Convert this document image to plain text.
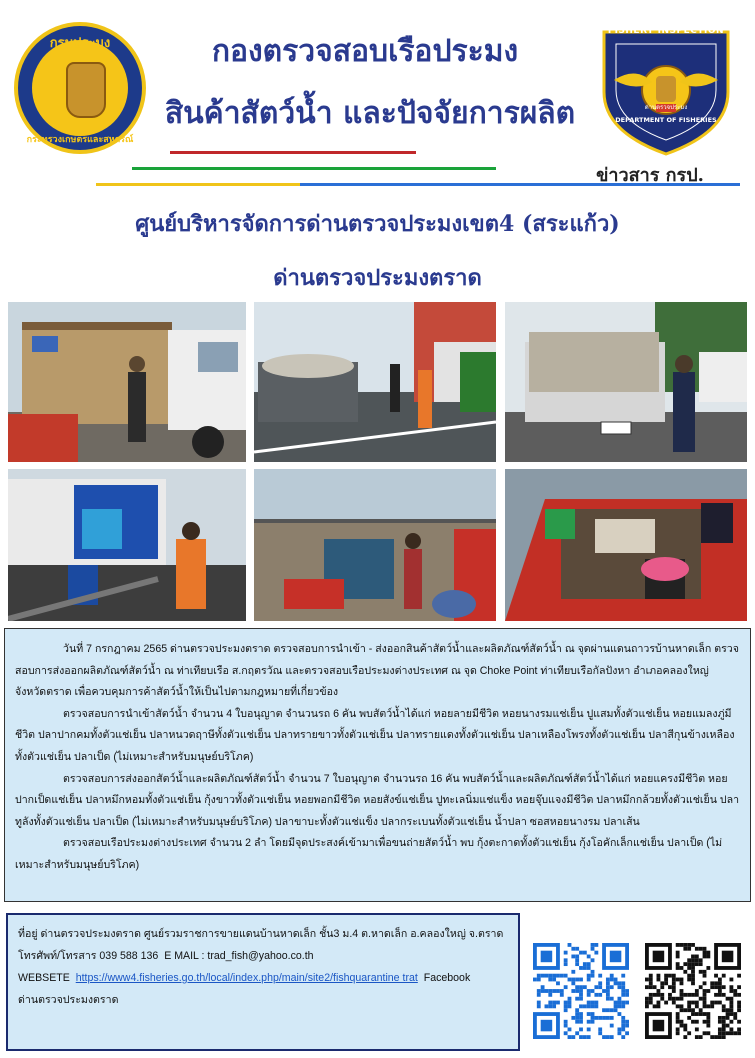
กรมประมง
กระทรวงเกษตรและสหกรณ์
กองตรวจสอบเรือประมง
สินค้าสัตว์น้ำ และปัจจัยการผลิต
FISHERY INSPECTION
ด่านตรวจประมง
DEPARTMENT OF FISHERIES
ข่าวสาร กรป.
ศูนย์บริหารจัดการด่านตรวจประมงเขต4 (สระแก้ว)
ด่านตรวจประมงตราด

วันที่ 7 กรกฎาคม 2565 ด่านตรวจประมงตราด ตรวจสอบการนำเข้า - ส่งออกสินค้าสัตว์น้ำและผลิตภัณฑ์สัตว์น้ำ ณ จุดผ่านแดนถาวรบ้านหาดเล็ก ตรวจสอบการส่งออกผลิตภัณฑ์สัตว์น้ำ ณ ท่าเทียบเรือ ส.กฤตรวัณ และตรวจสอบเรือประมงต่างประเทศ ณ จุด Choke Point ท่าเทียบเรือกัลปังหา อำเภอคลองใหญ่ จังหวัดตราด เพื่อควบคุมการค้าสัตว์น้ำให้เป็นไปตามกฎหมายที่เกี่ยวข้อง

ตรวจสอบการนำเข้าสัตว์น้ำ จำนวน 4 ใบอนุญาต จำนวนรถ 6 คัน พบสัตว์น้ำได้แก่ หอยลายมีชีวิต หอยนางรมแช่เย็น ปูแสมทั้งตัวแช่เย็น หอยแมลงภู่มีชีวิต ปลาปากคมทั้งตัวแช่เย็น ปลาหนวดฤาษีทั้งตัวแช่เย็น ปลาทรายขาวทั้งตัวแช่เย็น ปลาทรายแดงทั้งตัวแช่เย็น ปลาเหลืองโพรงทั้งตัวแช่เย็น ปลาสีกุนข้างเหลืองทั้งตัวแช่เย็น ปลาเป็ด (ไม่เหมาะสำหรับมนุษย์บริโภค)

ตรวจสอบการส่งออกสัตว์น้ำและผลิตภัณฑ์สัตว์น้ำ จำนวน 7 ใบอนุญาต จำนวนรถ 16 คัน พบสัตว์น้ำและผลิตภัณฑ์สัตว์น้ำได้แก่ หอยแครงมีชีวิต หอยปากเป็ดแช่เย็น ปลาหมึกหอมทั้งตัวแช่เย็น กุ้งขาวทั้งตัวแช่เย็น หอยพอกมีชีวิต หอยสังข์แช่เย็น ปูทะเลนิ่มแช่แข็ง หอยจุ๊บแจงมีชีวิต ปลาหมึกกล้วยทั้งตัวแช่เย็น ปลาทูลังทั้งตัวแช่เย็น ปลาเป็ด (ไม่เหมาะสำหรับมนุษย์บริโภค) ปลาขาบะทั้งตัวแช่แข็ง ปลากระเบนทั้งตัวแช่เย็น น้ำปลา ซอสหอยนางรม ปลาเส้น

ตรวจสอบเรือประมงต่างประเทศ จำนวน 2 ลำ โดยมีจุดประสงค์เข้ามาเพื่อขนถ่ายสัตว์น้ำ พบ กุ้งตะกาดทั้งตัวแช่เย็น กุ้งโอคักเล็กแช่เย็น ปลาเป็ด (ไม่เหมาะสำหรับมนุษย์บริโภค)

ที่อยู่ ด่านตรวจประมงตราด ศูนย์รวมราชการขายแดนบ้านหาดเล็ก ชั้น3 ม.4 ต.หาดเล็ก อ.คลองใหญ่ จ.ตราด
โทรศัพท์/โทรสาร 039 588 136 E MAIL : trad_fish@yahoo.co.th
WEBSETE https://www4.fisheries.go.th/local/index.php/main/site2/fishquarantine trat Facebook
ด่านตรวจประมงตราด
